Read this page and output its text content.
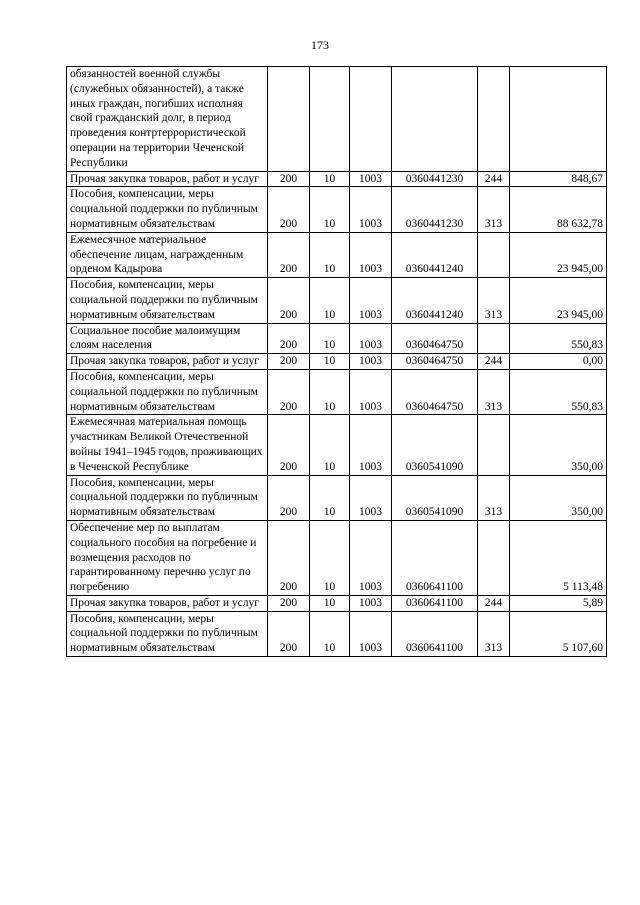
173
обязанностей военной службы (служебных обязанностей), а также иных граждан, погибших исполняя свой гражданский долг, в период проведения контртеррористической операции на территории Чеченской Республики						
Прочая закупка товаров, работ и услуг	200	10	1003	0360441230	244	848,67
Пособия, компенсации, меры социальной поддержки по публичным нормативным обязательствам	200	10	1003	0360441230	313	88 632,78
Ежемесячное материальное обеспечение лицам, награжденным орденом Кадырова	200	10	1003	0360441240		23 945,00
Пособия, компенсации, меры социальной поддержки по публичным нормативным обязательствам	200	10	1003	0360441240	313	23 945,00
Социальное пособие малоимущим слоям населения	200	10	1003	0360464750		550,83
Прочая закупка товаров, работ и услуг	200	10	1003	0360464750	244	0,00
Пособия, компенсации, меры социальной поддержки по публичным нормативным обязательствам	200	10	1003	0360464750	313	550,83
Ежемесячная материальная помощь участникам Великой Отечественной войны 1941–1945 годов, проживающих в Чеченской Республике	200	10	1003	0360541090		350,00
Пособия, компенсации, меры социальной поддержки по публичным нормативным обязательствам	200	10	1003	0360541090	313	350,00
Обеспечение мер по выплатам социального пособия на погребение и возмещения расходов по гарантированному перечню услуг по погребению	200	10	1003	0360641100		5 113,48
Прочая закупка товаров, работ и услуг	200	10	1003	0360641100	244	5,89
Пособия, компенсации, меры социальной поддержки по публичным нормативным обязательствам	200	10	1003	0360641100	313	5 107,60
